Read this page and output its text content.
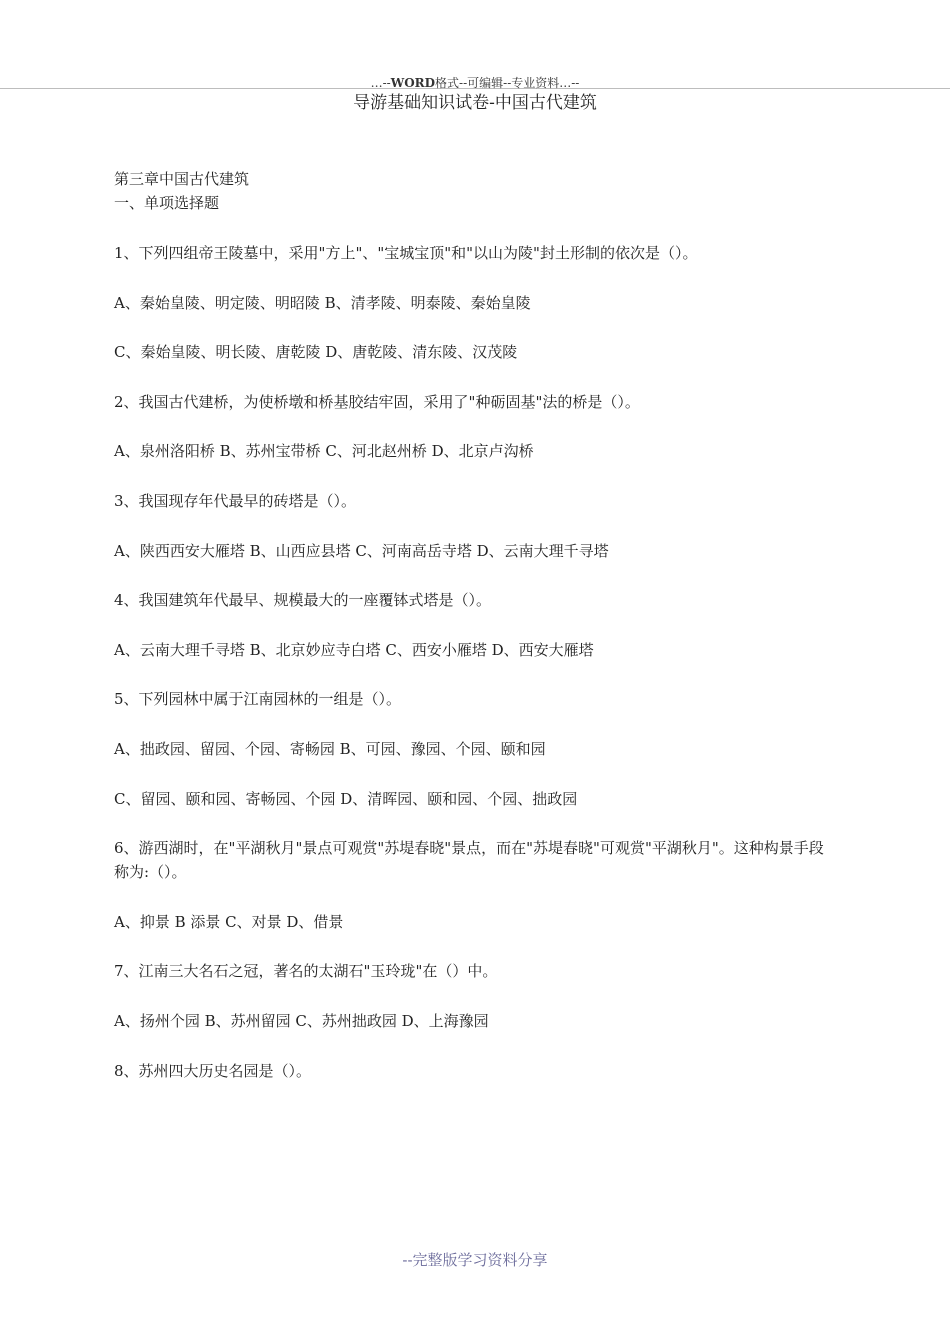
…--WORD格式--可编辑--专业资料…--
导游基础知识试卷-中国古代建筑

第三章中国古代建筑

一、单项选择题

1、下列四组帝王陵墓中，采用"方上"、"宝城宝顶"和"以山为陵"封土形制的依次是（）。

A、秦始皇陵、明定陵、明昭陵 B、清孝陵、明泰陵、秦始皇陵

C、秦始皇陵、明长陵、唐乾陵 D、唐乾陵、清东陵、汉茂陵

2、我国古代建桥，为使桥墩和桥基胶结牢固，采用了"种砺固基"法的桥是（）。

A、泉州洛阳桥 B、苏州宝带桥 C、河北赵州桥 D、北京卢沟桥

3、我国现存年代最早的砖塔是（）。

A、陕西西安大雁塔 B、山西应县塔 C、河南高岳寺塔 D、云南大理千寻塔

4、我国建筑年代最早、规模最大的一座覆钵式塔是（）。

A、云南大理千寻塔 B、北京妙应寺白塔 C、西安小雁塔 D、西安大雁塔

5、下列园林中属于江南园林的一组是（）。

A、拙政园、留园、个园、寄畅园 B、可园、豫园、个园、颐和园

C、留园、颐和园、寄畅园、个园 D、清晖园、颐和园、个园、拙政园

6、游西湖时，在"平湖秋月"景点可观赏"苏堤春晓"景点，而在"苏堤春晓"可观赏"平湖秋月"。这种构景手段称为:（）。

A、抑景 B 添景 C、对景 D、借景

7、江南三大名石之冠，著名的太湖石"玉玲珑"在（）中。

A、扬州个园 B、苏州留园 C、苏州拙政园 D、上海豫园

8、苏州四大历史名园是（）。

--完整版学习资料分享
